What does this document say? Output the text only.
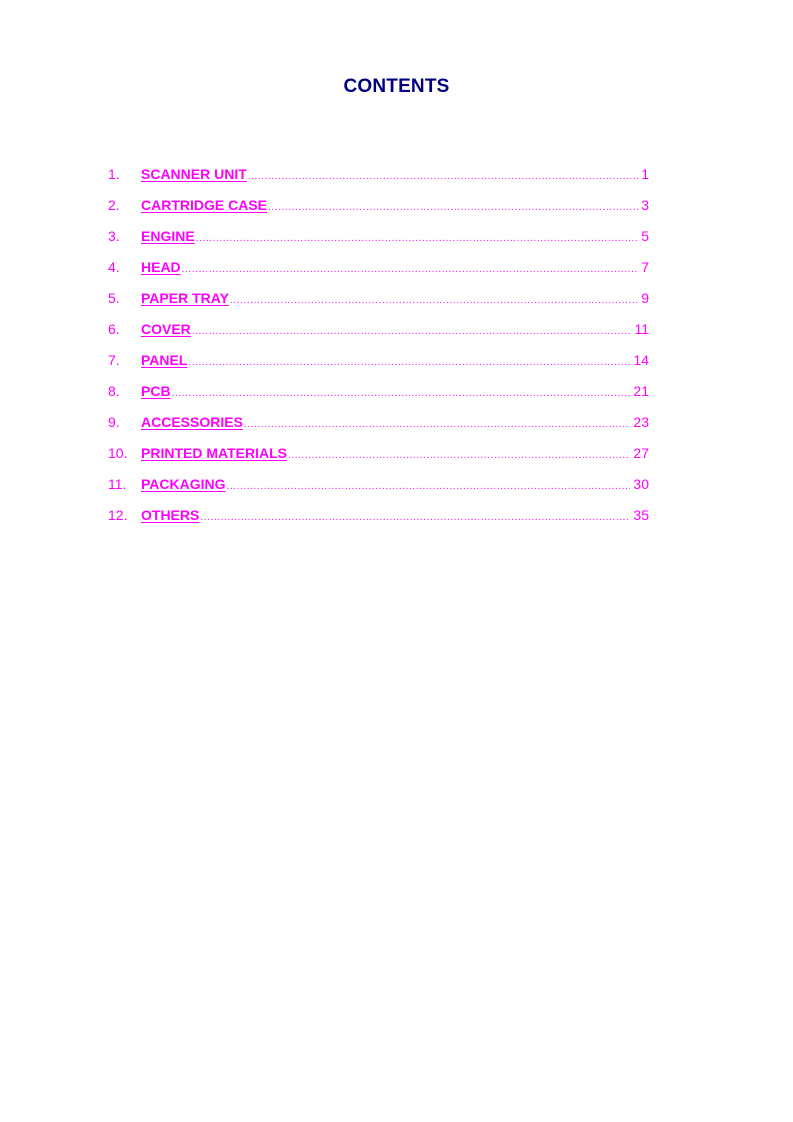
CONTENTS
1.	SCANNER UNIT .....	1
2.	CARTRIDGE CASE .....	3
3.	ENGINE .....	5
4.	HEAD .....	7
5.	PAPER TRAY .....	9
6.	COVER .....	11
7.	PANEL .....	14
8.	PCB .....	21
9.	ACCESSORIES .....	23
10. PRINTED MATERIALS .....	27
11.	PACKAGING .....	30
12. OTHERS .....	35
